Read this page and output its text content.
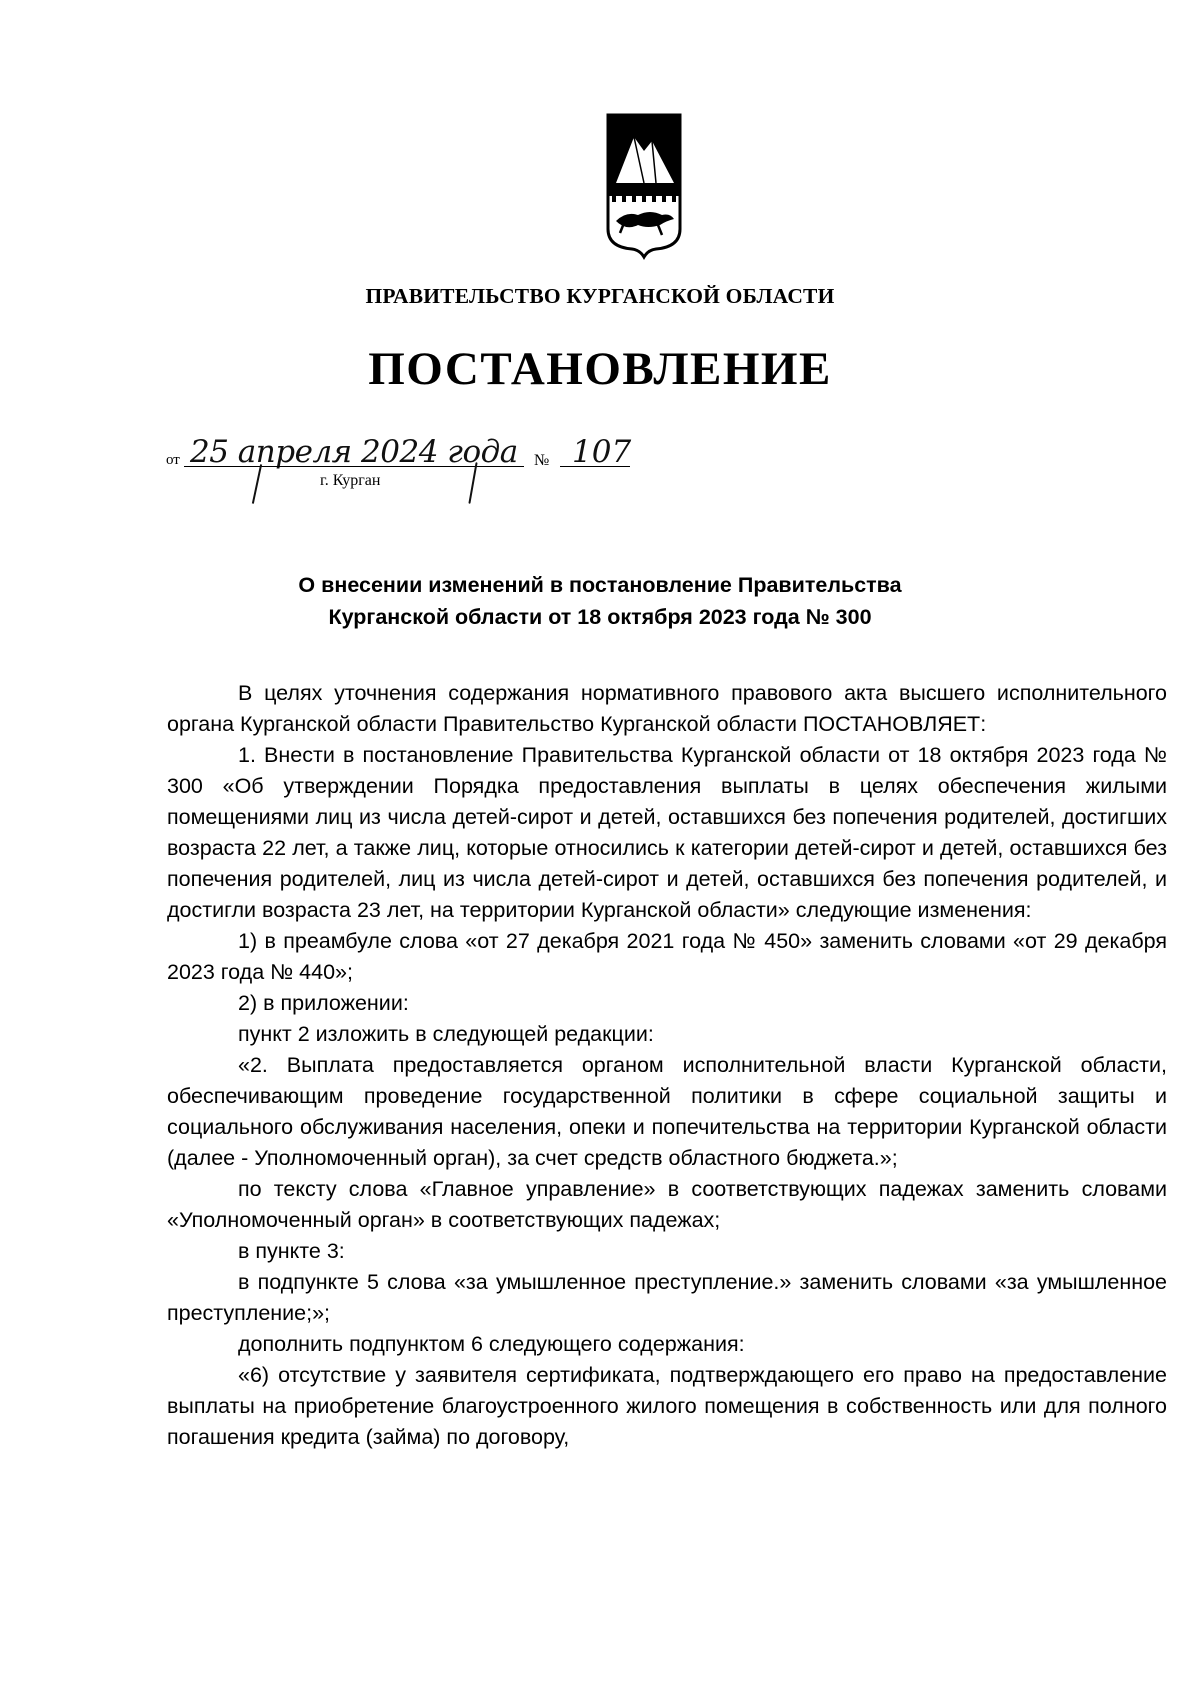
ПРАВИТЕЛЬСТВО КУРГАНСКОЙ ОБЛАСТИ
ПОСТАНОВЛЕНИЕ
от 25 апреля 2024 года № 107
г. Курган
О внесении изменений в постановление Правительства
Курганской области от 18 октября 2023 года № 300

В целях уточнения содержания нормативного правового акта высшего исполнительного органа Курганской области Правительство Курганской области ПОСТАНОВЛЯЕТ:

1. Внести в постановление Правительства Курганской области от 18 октября 2023 года № 300 «Об утверждении Порядка предоставления выплаты в целях обеспечения жилыми помещениями лиц из числа детей-сирот и детей, оставшихся без попечения родителей, достигших возраста 22 лет, а также лиц, которые относились к категории детей-сирот и детей, оставшихся без попечения родителей, лиц из числа детей-сирот и детей, оставшихся без попечения родителей, и достигли возраста 23 лет, на территории Курганской области» следующие изменения:

1) в преамбуле слова «от 27 декабря 2021 года № 450» заменить словами «от 29 декабря 2023 года № 440»;

2) в приложении:

пункт 2 изложить в следующей редакции:

«2. Выплата предоставляется органом исполнительной власти Курганской области, обеспечивающим проведение государственной политики в сфере социальной защиты и социального обслуживания населения, опеки и попечительства на территории Курганской области (далее - Уполномоченный орган), за счет средств областного бюджета.»;

по тексту слова «Главное управление» в соответствующих падежах заменить словами «Уполномоченный орган» в соответствующих падежах;

в пункте 3:

в подпункте 5 слова «за умышленное преступление.» заменить словами «за умышленное преступление;»;

дополнить подпунктом 6 следующего содержания:

«6) отсутствие у заявителя сертификата, подтверждающего его право на предоставление выплаты на приобретение благоустроенного жилого помещения в собственность или для полного погашения кредита (займа) по договору,
